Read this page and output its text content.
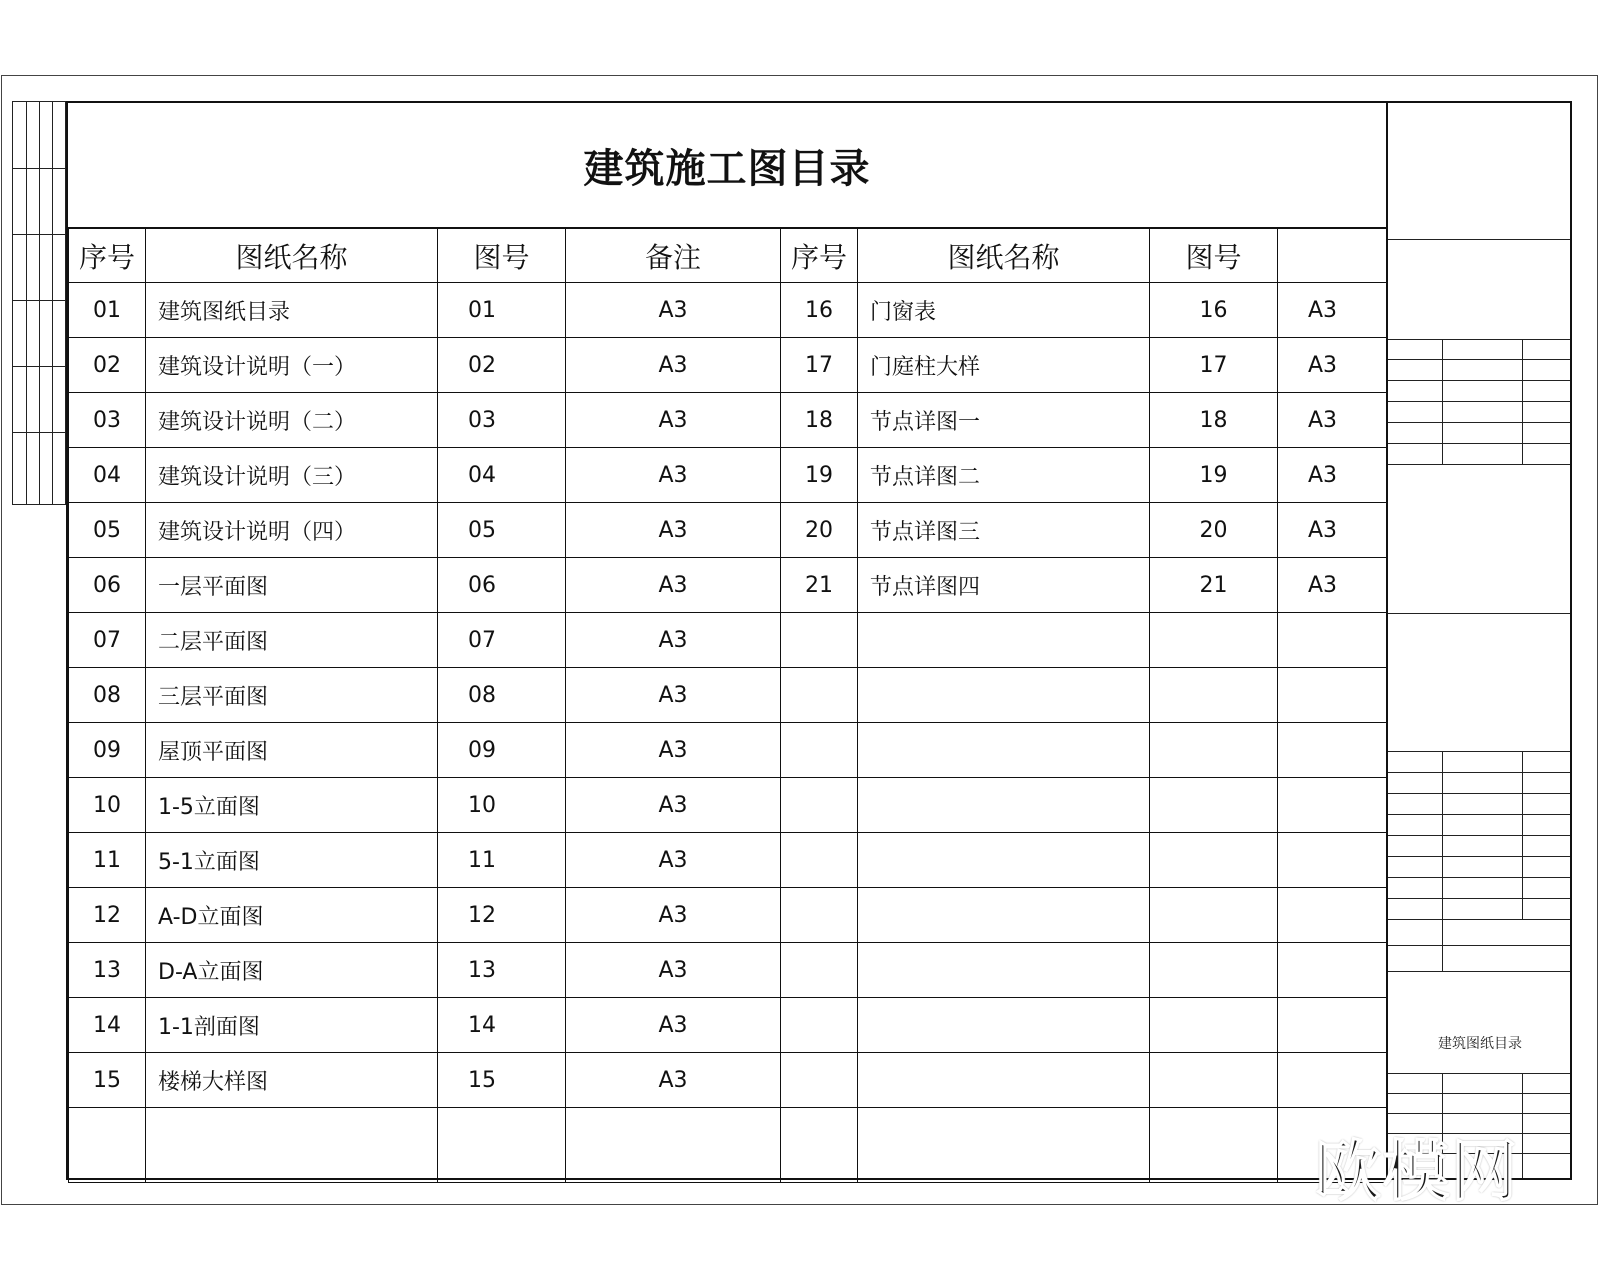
建筑施工图目录
序号	图纸名称	图号	备注	序号	图纸名称	图号	
01	建筑图纸目录	01	A3	16	门窗表	16	A3
02	建筑设计说明（一）	02	A3	17	门庭柱大样	17	A3
03	建筑设计说明（二）	03	A3	18	节点详图一	18	A3
04	建筑设计说明（三）	04	A3	19	节点详图二	19	A3
05	建筑设计说明（四）	05	A3	20	节点详图三	20	A3
06	一层平面图	06	A3	21	节点详图四	21	A3
07	二层平面图	07	A3				
08	三层平面图	08	A3				
09	屋顶平面图	09	A3				
10	1-5立面图	10	A3				
11	5-1立面图	11	A3				
12	A-D立面图	12	A3				
13	D-A立面图	13	A3				
14	1-1剖面图	14	A3				
15	楼梯大样图	15	A3				

建筑图纸目录
欧模网
